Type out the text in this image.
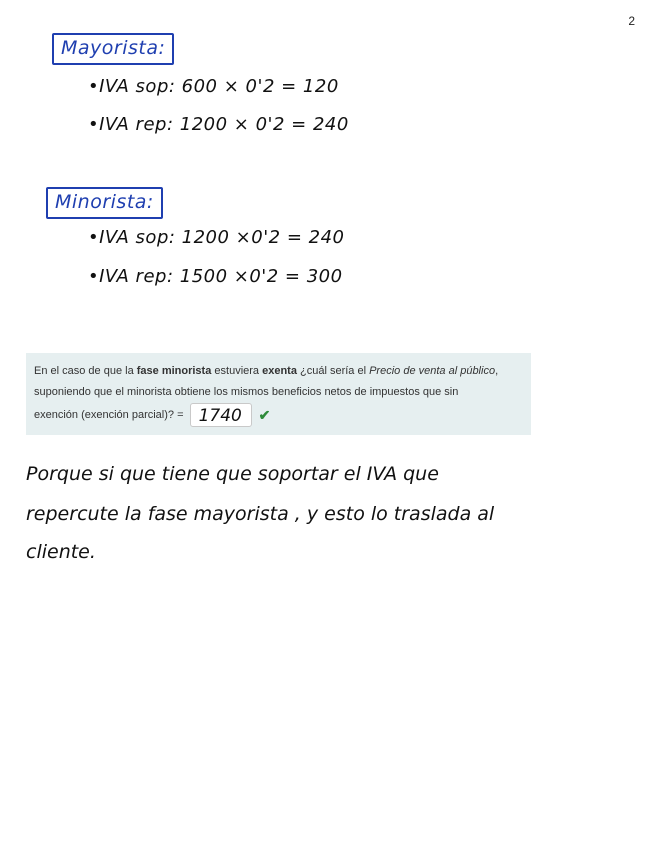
2
Mayorista:
•IVA sop: 600 × 0'2 = 120
•IVA rep: 1200 × 0'2 = 240
Minorista:
•IVA sop: 1200 ×0'2 = 240
•IVA rep: 1500 ×0'2 = 300
En el caso de que la fase minorista estuviera exenta ¿cuál sería el Precio de venta al público,
suponiendo que el minorista obtiene los mismos beneficios netos de impuestos que sin
exención (exención parcial)? = 1740 ✔
Porque si que tiene que soportar el IVA que
repercute la fase mayorista , y esto lo traslada al
cliente.
